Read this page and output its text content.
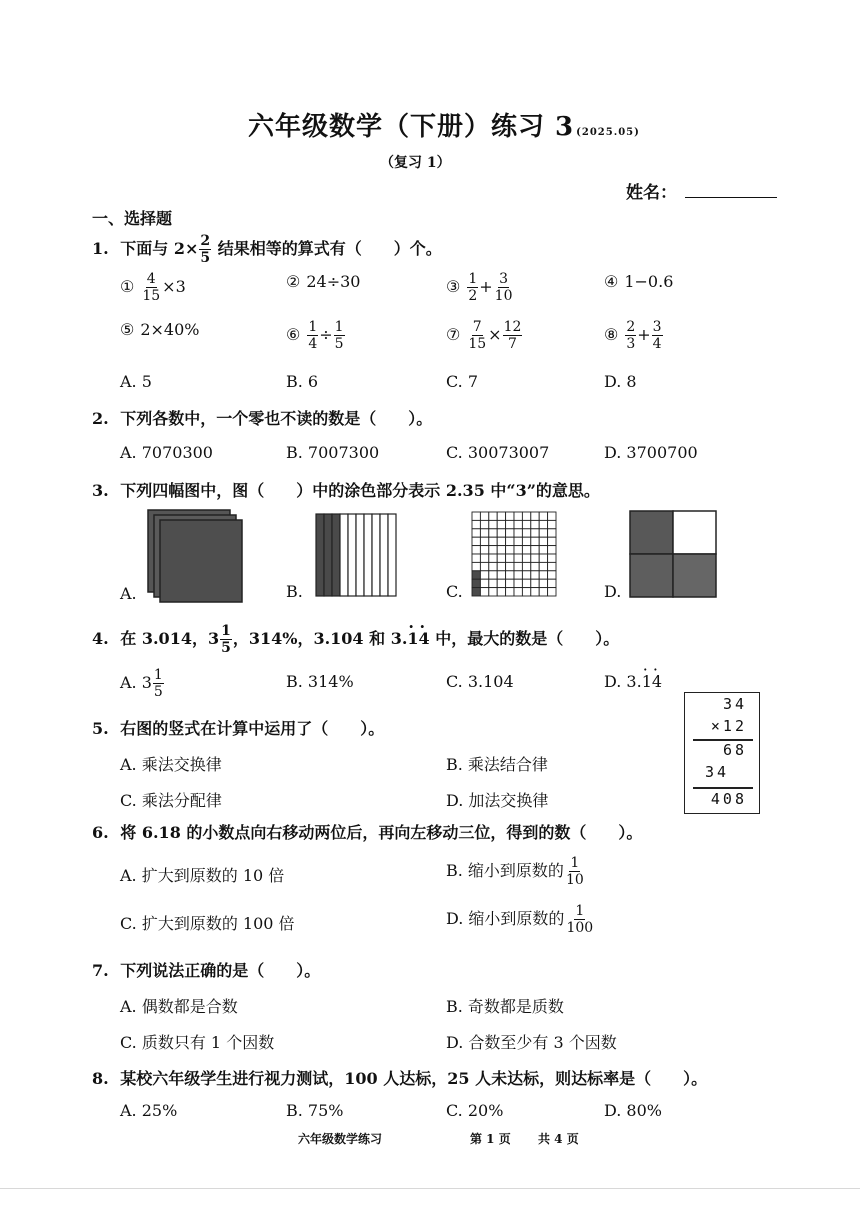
六年级数学（下册）练习 3 (2025.05)
（复习 1）
姓名：
一、选择题
1. 下面与 $2\times \frac{2}{5}$ 结果相等的算式有（　　）个。
① $\frac{4}{15} \times 3$	② 24÷30	③ $\frac{1}{2} + \frac{3}{10}$	④ 1−0.6
⑤ 2×40%	⑥ $\frac{1}{4} \div \frac{1}{5}$	⑦ $\frac{7}{15} \times \frac{12}{7}$	⑧ $\frac{2}{3} + \frac{3}{4}$
A. 5	B. 6	C. 7	D. 8
2. 下列各数中，一个零也不读的数是（　　）。
A. 7070300	B. 7007300	C. 30073007	D. 3700700
3. 下列四幅图中，图（　　）中的涂色部分表示 2.35 中“3”的意思。
A.	B.	C.	D.
4. 在 3.014，$3 \frac{1}{5}$ ，314%，3.104 和 3.· 1· 4 中，最大的数是（　　）。
A. $3 \frac{1}{5}$	B. 314%	C. 3.104	D. 3.· 1· 4
5. 右图的竖式在计算中运用了（　　）。
A. 乘法交换律	B. 乘法结合律
C. 乘法分配律	D. 加法交换律
34
×12
68
34
408
6. 将 6.18 的小数点向右移动两位后，再向左移动三位，得到的数（　　）。
A. 扩大到原数的 10 倍	B. 缩小到原数的 $\frac{1}{10}$
C. 扩大到原数的 100 倍	D. 缩小到原数的 $\frac{1}{100}$
7. 下列说法正确的是（　　）。
A. 偶数都是合数	B. 奇数都是质数
C. 质数只有 1 个因数	D. 合数至少有 3 个因数
8. 某校六年级学生进行视力测试，100 人达标，25 人未达标，则达标率是（　　）。
A. 25%	B. 75%	C. 20%	D. 80%
六年级数学练习	第 1 页 共 4 页
